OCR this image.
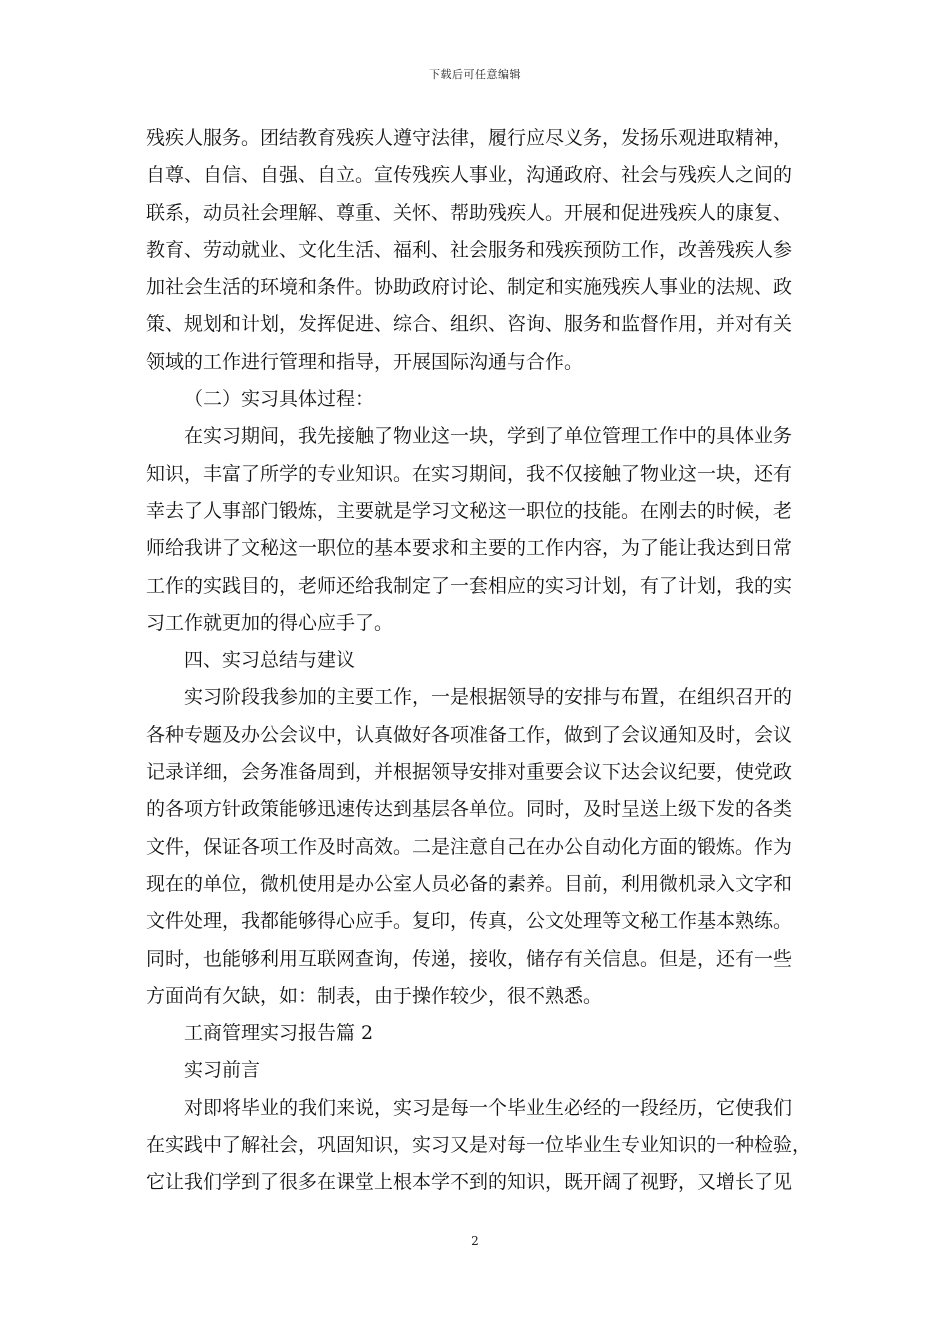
下载后可任意编辑
残疾人服务。团结教育残疾人遵守法律，履行应尽义务，发扬乐观进取精神，
自尊、自信、自强、自立。宣传残疾人事业，沟通政府、社会与残疾人之间的
联系，动员社会理解、尊重、关怀、帮助残疾人。开展和促进残疾人的康复、
教育、劳动就业、文化生活、福利、社会服务和残疾预防工作，改善残疾人参
加社会生活的环境和条件。协助政府讨论、制定和实施残疾人事业的法规、政
策、规划和计划，发挥促进、综合、组织、咨询、服务和监督作用，并对有关
领域的工作进行管理和指导，开展国际沟通与合作。
（二）实习具体过程：
在实习期间，我先接触了物业这一块，学到了单位管理工作中的具体业务
知识，丰富了所学的专业知识。在实习期间，我不仅接触了物业这一块，还有
幸去了人事部门锻炼，主要就是学习文秘这一职位的技能。在刚去的时候，老
师给我讲了文秘这一职位的基本要求和主要的工作内容，为了能让我达到日常
工作的实践目的，老师还给我制定了一套相应的实习计划，有了计划，我的实
习工作就更加的得心应手了。
四、实习总结与建议
实习阶段我参加的主要工作，一是根据领导的安排与布置，在组织召开的
各种专题及办公会议中，认真做好各项准备工作，做到了会议通知及时，会议
记录详细，会务准备周到，并根据领导安排对重要会议下达会议纪要，使党政
的各项方针政策能够迅速传达到基层各单位。同时，及时呈送上级下发的各类
文件，保证各项工作及时高效。二是注意自己在办公自动化方面的锻炼。作为
现在的单位，微机使用是办公室人员必备的素养。目前，利用微机录入文字和
文件处理，我都能够得心应手。复印，传真，公文处理等文秘工作基本熟练。
同时，也能够利用互联网查询，传递，接收，储存有关信息。但是，还有一些
方面尚有欠缺，如：制表，由于操作较少，很不熟悉。
工商管理实习报告篇 2
实习前言
对即将毕业的我们来说，实习是每一个毕业生必经的一段经历，它使我们
在实践中了解社会，巩固知识，实习又是对每一位毕业生专业知识的一种检验，
它让我们学到了很多在课堂上根本学不到的知识，既开阔了视野，又增长了见
2
